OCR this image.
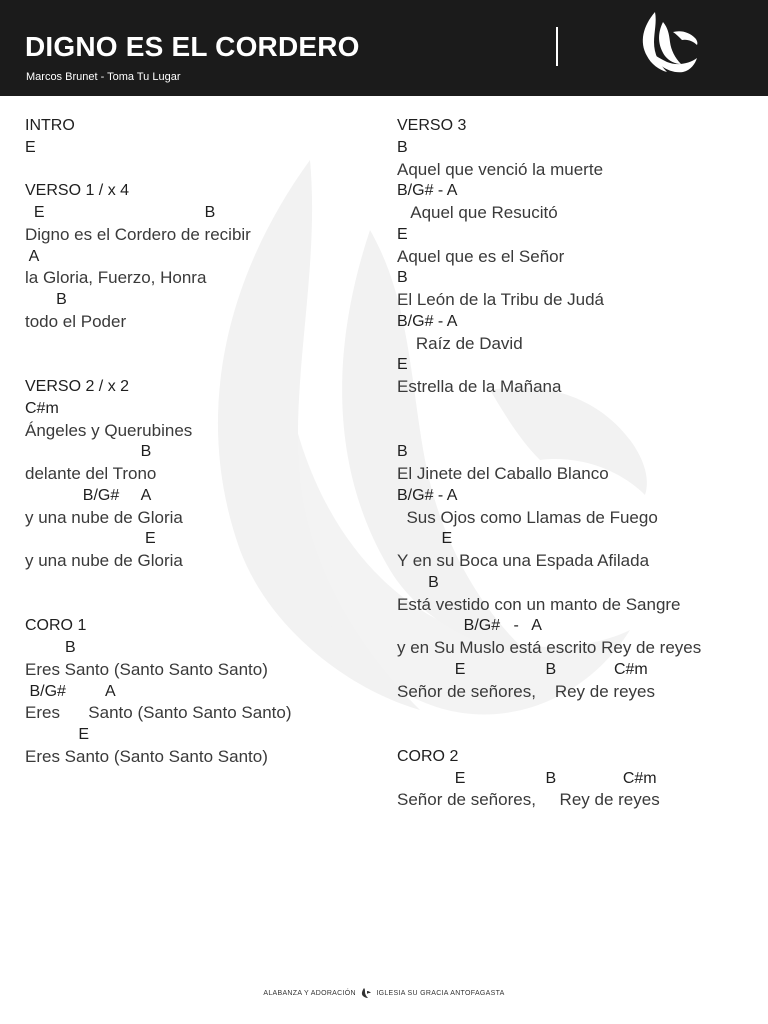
DIGNO ES EL CORDERO
Marcos Brunet - Toma Tu Lugar
INTRO
E
VERSO 1 / x 4
E                                    B
Digno es el Cordero de recibir
A
la Gloria, Fuerzo, Honra
B
todo el Poder
VERSO 2 / x 2
C#m
Ángeles y Querubines
B
delante del Trono
B/G#     A
y una nube de Gloria
E
y una nube de Gloria
CORO 1
B
Eres Santo (Santo Santo Santo)
B/G#         A
Eres      Santo (Santo Santo Santo)
E
Eres Santo (Santo Santo Santo)
VERSO 3
B
Aquel que venció la muerte
B/G# - A
Aquel que Resucitó
E
Aquel que es el Señor
B
El León de la Tribu de Judá
B/G# - A
Raíz de David
E
Estrella de la Mañana
B
El Jinete del Caballo Blanco
B/G# - A
Sus Ojos como Llamas de Fuego
E
Y en su Boca una Espada Afilada
B
Está vestido con un manto de Sangre
B/G#   -   A
y en Su Muslo está escrito Rey de reyes
E                  B             C#m
Señor de señores,    Rey de reyes
CORO 2
E                  B               C#m
Señor de señores,     Rey de reyes
ALABANZA Y ADORACIÓN	IGLESIA SU GRACIA ANTOFAGASTA
